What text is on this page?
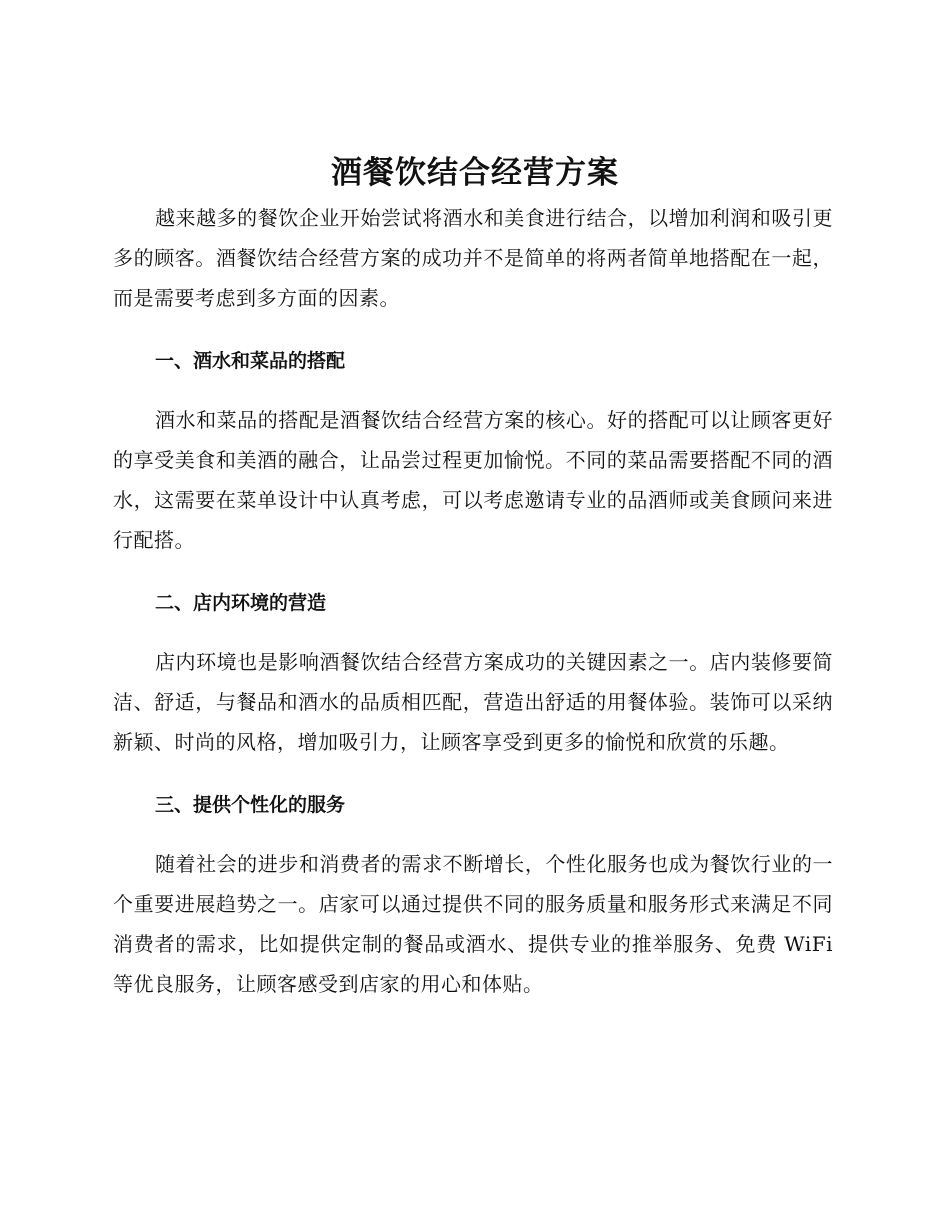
酒餐饮结合经营方案

越来越多的餐饮企业开始尝试将酒水和美食进行结合，以增加利润和吸引更多的顾客。酒餐饮结合经营方案的成功并不是简单的将两者简单地搭配在一起，而是需要考虑到多方面的因素。

一、酒水和菜品的搭配

酒水和菜品的搭配是酒餐饮结合经营方案的核心。好的搭配可以让顾客更好的享受美食和美酒的融合，让品尝过程更加愉悦。不同的菜品需要搭配不同的酒水，这需要在菜单设计中认真考虑，可以考虑邀请专业的品酒师或美食顾问来进行配搭。

二、店内环境的营造

店内环境也是影响酒餐饮结合经营方案成功的关键因素之一。店内装修要简洁、舒适，与餐品和酒水的品质相匹配，营造出舒适的用餐体验。装饰可以采纳新颖、时尚的风格，增加吸引力，让顾客享受到更多的愉悦和欣赏的乐趣。

三、提供个性化的服务

随着社会的进步和消费者的需求不断增长，个性化服务也成为餐饮行业的一个重要进展趋势之一。店家可以通过提供不同的服务质量和服务形式来满足不同消费者的需求，比如提供定制的餐品或酒水、提供专业的推举服务、免费 WiFi 等优良服务，让顾客感受到店家的用心和体贴。
